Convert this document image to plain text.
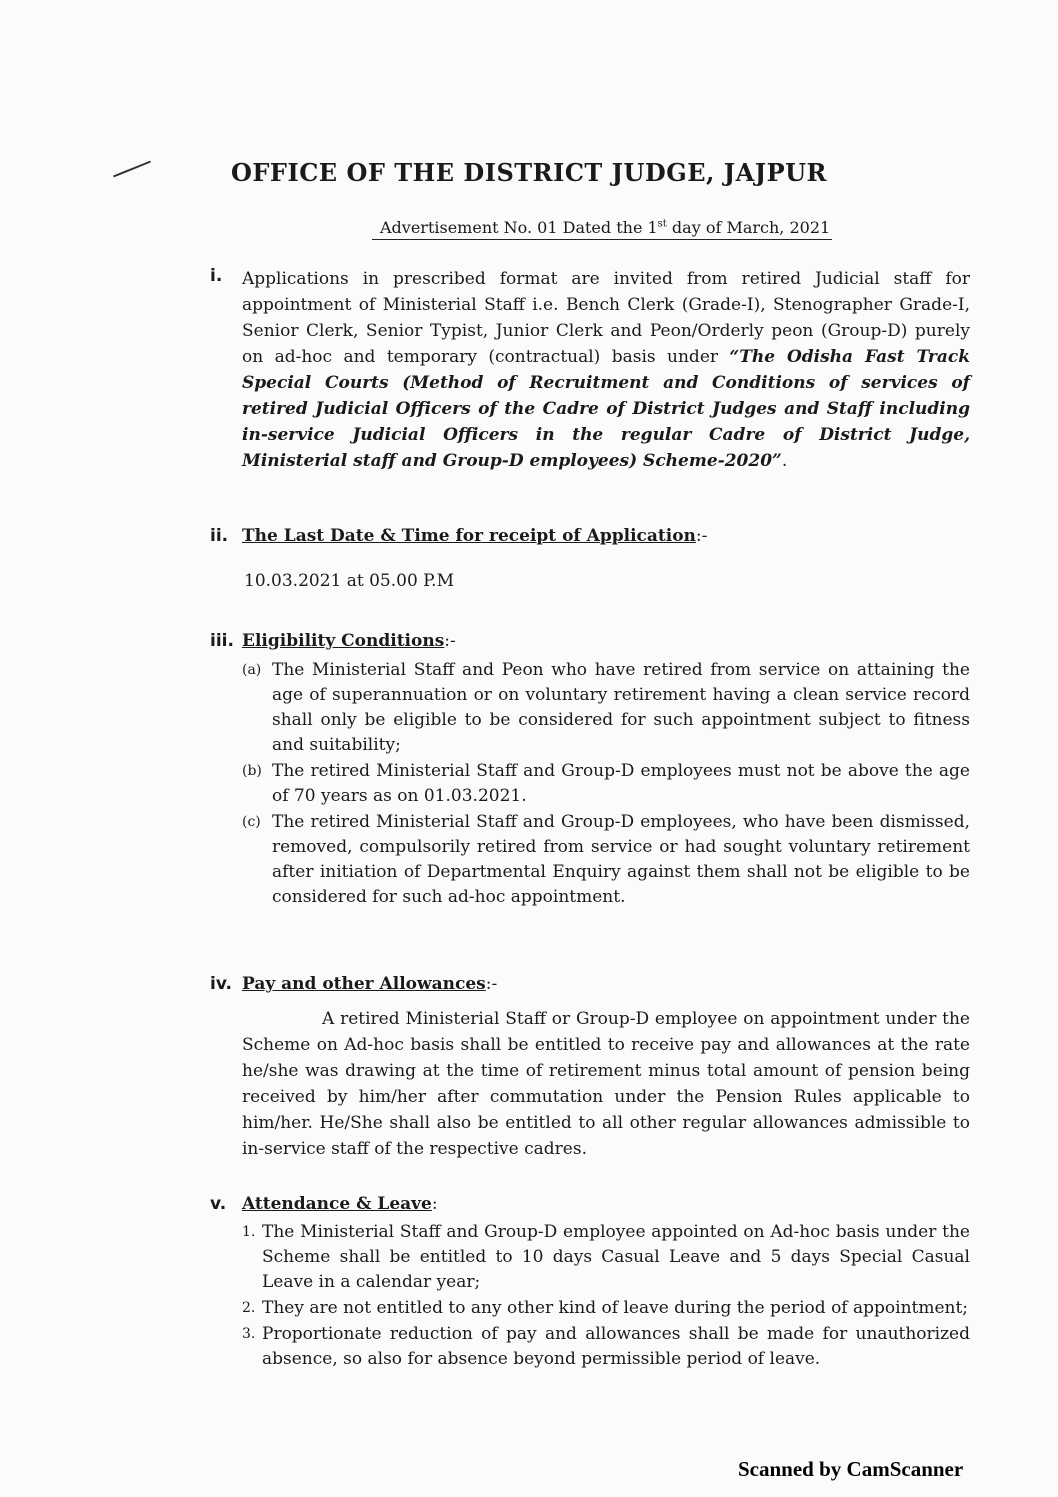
OFFICE OF THE DISTRICT JUDGE, JAJPUR
Advertisement No. 01 Dated the 1st day of March, 2021
i. Applications in prescribed format are invited from retired Judicial staff for appointment of Ministerial Staff i.e. Bench Clerk (Grade-I), Stenographer Grade-I, Senior Clerk, Senior Typist, Junior Clerk and Peon/Orderly peon (Group-D) purely on ad-hoc and temporary (contractual) basis under “The Odisha Fast Track Special Courts (Method of Recruitment and Conditions of services of retired Judicial Officers of the Cadre of District Judges and Staff including in-service Judicial Officers in the regular Cadre of District Judge, Ministerial staff and Group-D employees) Scheme-2020”.
ii. The Last Date & Time for receipt of Application:-
10.03.2021 at 05.00 P.M
iii. Eligibility Conditions:-
(a) The Ministerial Staff and Peon who have retired from service on attaining the age of superannuation or on voluntary retirement having a clean service record shall only be eligible to be considered for such appointment subject to fitness and suitability;
(b) The retired Ministerial Staff and Group-D employees must not be above the age of 70 years as on 01.03.2021.
(c) The retired Ministerial Staff and Group-D employees, who have been dismissed, removed, compulsorily retired from service or had sought voluntary retirement after initiation of Departmental Enquiry against them shall not be eligible to be considered for such ad-hoc appointment.
iv. Pay and other Allowances:-
A retired Ministerial Staff or Group-D employee on appointment under the Scheme on Ad-hoc basis shall be entitled to receive pay and allowances at the rate he/she was drawing at the time of retirement minus total amount of pension being received by him/her after commutation under the Pension Rules applicable to him/her. He/She shall also be entitled to all other regular allowances admissible to in-service staff of the respective cadres.
v. Attendance & Leave:
1. The Ministerial Staff and Group-D employee appointed on Ad-hoc basis under the Scheme shall be entitled to 10 days Casual Leave and 5 days Special Casual Leave in a calendar year;
2. They are not entitled to any other kind of leave during the period of appointment;
3. Proportionate reduction of pay and allowances shall be made for unauthorized absence, so also for absence beyond permissible period of leave.
Scanned by CamScanner
